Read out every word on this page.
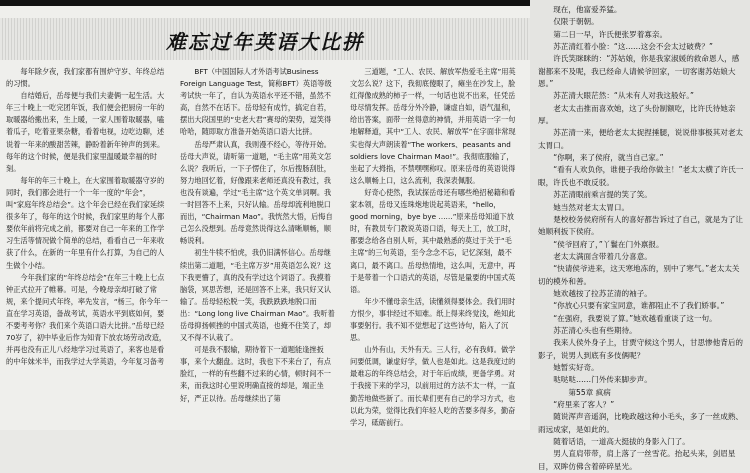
难忘过年英语大比拼

每年除夕夜，我们家都有围炉守岁、年终总结的习惯。

自结婚后，岳母便与我们夫妻俩一起生活。大年三十晚上一吃完团年饭，我们便会把厨房一年的取暖器给搬出来，生上暖，一家人围着取暖器，嗑着瓜子，吃着亚果杂糖，看着电视，边吃边聊，述说着一年来的酸甜苦辣，静盼着新年钟声的到来。每年的这个时候，便是我们家里温暖最幸福的时刻。

每年的年三十晚上，在大家围着取暖器守岁的同时，我们都会进行一个一年一度的“年会”，叫“家庭年终总结会”。这个年会已经在我们家延续很多年了，每年的这个时候，我们家里的每个人都要依年前将完成之前，都要对自己一年来的工作学习生活等情况做个简单的总结，看看自己一年来收获了什么，在新的一年里有什么打算，为自己的人生做个小结。

今年我们家的“年终总结会”在年三十晚上七点钟正式拉开了帷幕。可是，今晚母亲却打破了常规，来个提问式年终，率先发言，“杨三，你今年一直在学习英语，备战考试，英语水平到底如何，要不要考考你？我们来个英语口语大比拼。”岳母已经70岁了，初中毕业后作为知青下放农场劳动改造，并再也没有正儿八经地学习过英语了，来客也是看的中年妹米半，而我学过大学英语，今年复习备考

BFT（中国国际人才外语考试Business Foreign Language Test，简称BFT）英语等级考试快一年了，自认为英语水平还不错，虽然不高，自然不在话下。岳母轻有成竹，搞定自若，摆出大段国里的“史老大君”赛母的架势，逗笑得哈哈，随即取方准备开始英语口语大比拼。

岳母严肃认真，我则漫不经心，等待开始。岳母大声说，请听第一道题，“毛主席”用英文怎么说？我听后，一下子愣住了，尔后搜肠刮肚，努力地回忆着，好像跟来老师还真没有教过，我也没有谈遍，学过“毛主席”这个英文单词啊。我一时回答不上来，只好认输。岳母却流利地脱口而出，“Chairman Mao”。我恍然大悟，后悔自己怎么没想到。岳母竟然说得这么清晰顺畅，顺畅说利。

初生牛犊不怕虎，我仍旧满怀信心。岳母继续出第二道题，“毛主席万岁”用英语怎么说？这下我更懵了，真的没有学过这个词语了。我摸着脑袋，冥思苦想，还是回答不上来，我只好又认输了。岳母轻松脱一笑，我跌跌跌地脱口而出：“Long long live Chairman Mao”。我听着岳母抑扬顿挫的中国式英语，也掩不住笑了，却又不得不认栽了。

可是我不服输，期待着下一道题能逢挫扳事，来个大翻盘。这时，我也下不来台了，有点脸红，一样的有些翻不过来的心情，顿时间不一来，而我这时心里说明确直接的却是，端正坐好，严正以待。岳母继续出了第

三道题，“工人、农民、解放军热爱毛主席”用英文怎么说？这下，我彻底傻眼了，瘫坐在沙发上，脸红得像成熟的柿子一样，一句话也说不出来，任凭岳母尽情发挥。岳母分外冷静，谦虚自如，语气温和，给出答案，面带一丝得意的神情，并用英语一字一句地解释道，其中“工人、农民、解放军”在字面非常现实也得大声朗读着“The workers、peasants and soldiers love Chairman Mao!”。我彻底服输了，坐起了大拇指，不禁嘿嘿称叹。原来岳母的英语说得这么顺畅上口，这么流利，我深表佩服。

好奇心使然，我试探岳母还有哪些绝招秘籍和看家本领，岳母又连珠炮地说起英语来，“hello，good morning，bye bye ……”原来岳母知道下放时，有教员专门教说英语口语，每天上工，放工时，都要念给各自别人听，其中最熟悉的莫过于关于“毛主席”的三句英语，至今念念不忘，记忆深刻，最不离口，最不离口。岳母热情地，这么叫，无意中，再于是带着一个口语式的英语，尽管是量要的中国式英语。

年少不懂母亲生活，读懂须得要体会。我们用时方恨少，事非经过不知难。纸上得来终觉浅，绝知此事要躬行。我不知不觉想起了这些诗句，陷入了沉思。

山外有山，天外有天。三人行，必有我师。做学问要低调，谦虚好学，做人也是如此。这是我度过的最难忘的年终总结会，对于年后成绩，更备学勇。对于我接下来的学习，以前用过的方法不太一样，一直勤苦地做些新了。而长辈们更有自己的学习方式，也以此为荣，觉得比我们年轻人吃的苦要多得多，勤奋学习，砥砺前行。

现在，他富爱养猛。

仅限于朝朝。

第二日一早，许氏便张罗着寡亲。

苏芷清红着小脸：“这……这会不会太过破费？”

许氏笑眯眯的：“苏姑娘，你是我家淑媛的救命恩人，感谢都来不及呢，我已经命人请候爷回家，一切客谢苏姑娘大恩。”

苏芷清大眼茫然：“从未有人对我这般好。”

老太太击推而喜欢她，这了头份制额吃，比许氏待她亲厚。

苏芷清一来，便给老太太捉捏捶腿，说说俳事极其对老太太胃口。

“你啊，来了侯府，就当自己家。”

“看有人欢负你，谁便子我给你做主！”老太太横了许氏一眼，许氏也不敢反驳。

苏芷清眼前乘言提的笑了笑。

她当然对老太太胃口。

楚校校务侯府所有人的喜好都告诉过了自己，就是为了让她顺利扳下侯府。

“侯爷回府了，”丫鬟在门外禀报。

老太太满面含带着几分喜意。

“快请侯爷进来，这天寒地冻的，别中了寒气。”老太太关切的模外和善。

她欢越按了拉苏芷清的袖子。

“你放心只要有家宝同意，谁都阻止不了我们娇事。”

“在强府，我要说了算。”她欢越看重谈了这一句。

苏芷清心头也有些期待。

我来人侯外身子上，甘贾守候这个男人，甘思惨他背后的影子，说男人到底有多伎俩呢？

她暂实好奇。

哒哒哒……门外传来脚步声。

第55章 疯病

“府里来了客人？”

随说浑声音遥润，比晚政越这种小毛头，多了一丝成熟、雨远成家，是如此的。

随着话语，一道高大挺拔的身影入门了。

男人直肩带带，肩上落了一丝雪花。抬起头来，剑眉星目，双眸仿佛含着碎碎星光。
